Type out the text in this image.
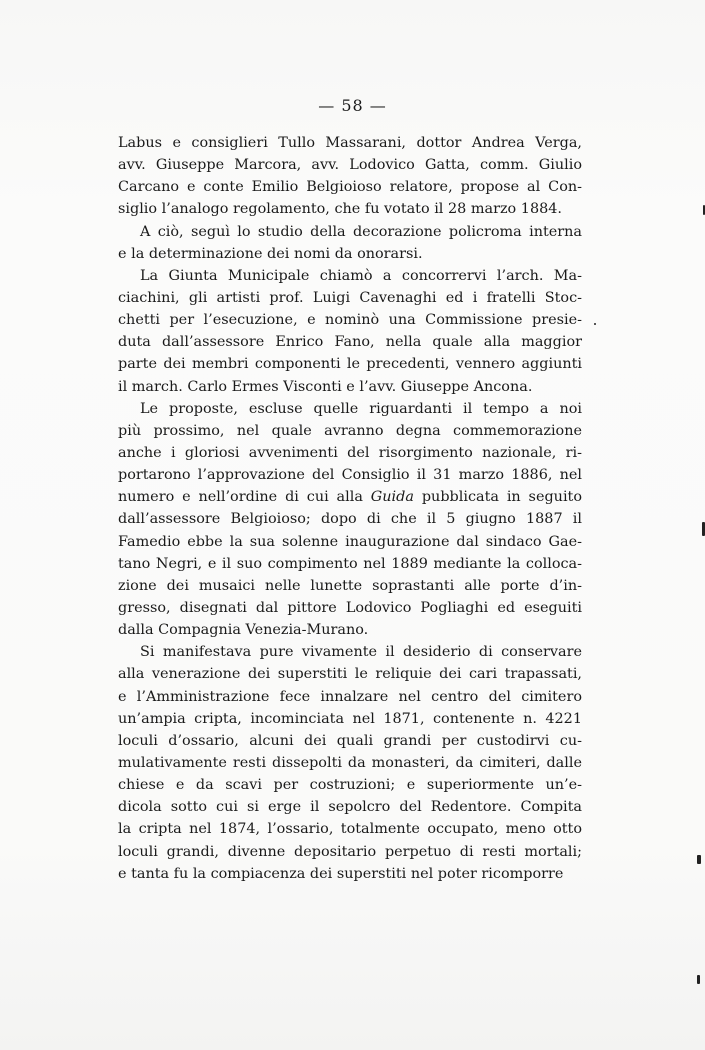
— 58 —
Labus e consiglieri Tullo Massarani, dottor Andrea Verga,
avv. Giuseppe Marcora, avv. Lodovico Gatta, comm. Giulio
Carcano e conte Emilio Belgioioso relatore, propose al Con-
siglio l’analogo regolamento, che fu votato il 28 marzo 1884.
A ciò, seguì lo studio della decorazione policroma interna
e la determinazione dei nomi da onorarsi.
La Giunta Municipale chiamò a concorrervi l’arch. Ma-
ciachini, gli artisti prof. Luigi Cavenaghi ed i fratelli Stoc-
chetti per l’esecuzione, e nominò una Commissione presie-
duta dall’assessore Enrico Fano, nella quale alla maggior
parte dei membri componenti le precedenti, vennero aggiunti
il march. Carlo Ermes Visconti e l’avv. Giuseppe Ancona.
Le proposte, escluse quelle riguardanti il tempo a noi
più prossimo, nel quale avranno degna commemorazione
anche i gloriosi avvenimenti del risorgimento nazionale, ri-
portarono l’approvazione del Consiglio il 31 marzo 1886, nel
numero e nell’ordine di cui alla Guida pubblicata in seguito
dall’assessore Belgioioso; dopo di che il 5 giugno 1887 il
Famedio ebbe la sua solenne inaugurazione dal sindaco Gae-
tano Negri, e il suo compimento nel 1889 mediante la colloca-
zione dei musaici nelle lunette soprastanti alle porte d’in-
gresso, disegnati dal pittore Lodovico Pogliaghi ed eseguiti
dalla Compagnia Venezia-Murano.
Si manifestava pure vivamente il desiderio di conservare
alla venerazione dei superstiti le reliquie dei cari trapassati,
e l’Amministrazione fece innalzare nel centro del cimitero
un’ampia cripta, incominciata nel 1871, contenente n. 4221
loculi d’ossario, alcuni dei quali grandi per custodirvi cu-
mulativamente resti dissepolti da monasteri, da cimiteri, dalle
chiese e da scavi per costruzioni; e superiormente un’e-
dicola sotto cui si erge il sepolcro del Redentore. Compita
la cripta nel 1874, l’ossario, totalmente occupato, meno otto
loculi grandi, divenne depositario perpetuo di resti mortali;
e tanta fu la compiacenza dei superstiti nel poter ricomporre
